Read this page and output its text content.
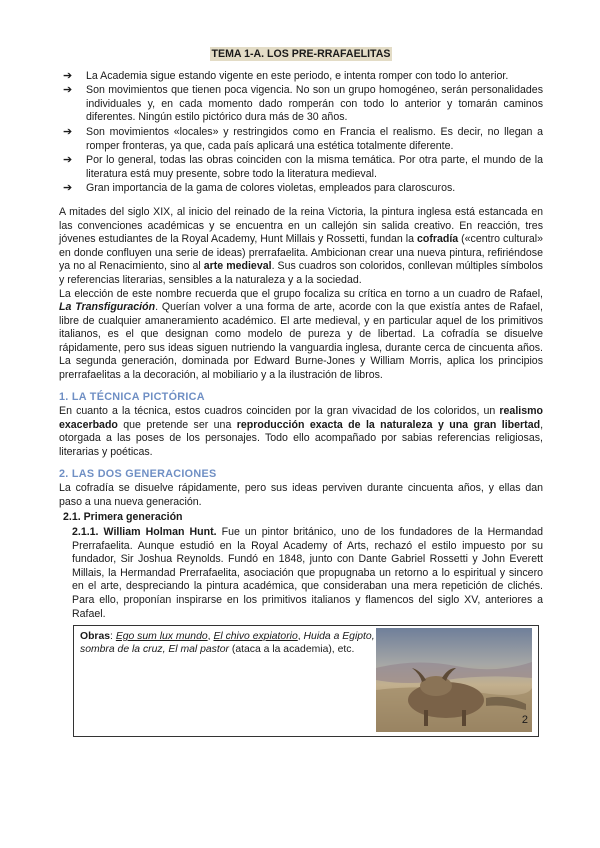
TEMA 1-A. LOS PRE-RRAFAELITAS
➔ La Academia sigue estando vigente en este periodo, e intenta romper con todo lo anterior.
➔ Son movimientos que tienen poca vigencia. No son un grupo homogéneo, serán personalidades individuales y, en cada momento dado romperán con todo lo anterior y tomarán caminos diferentes. Ningún estilo pictórico dura más de 30 años.
➔ Son movimientos «locales» y restringidos como en Francia el realismo. Es decir, no llegan a romper fronteras, ya que, cada país aplicará una estética totalmente diferente.
➔ Por lo general, todas las obras coinciden con la misma temática. Por otra parte, el mundo de la literatura está muy presente, sobre todo la literatura medieval.
➔ Gran importancia de la gama de colores violetas, empleados para claroscuros.

A mitades del siglo XIX, al inicio del reinado de la reina Victoria, la pintura inglesa está estancada en las convenciones académicas y se encuentra en un callejón sin salida creativo. En reacción, tres jóvenes estudiantes de la Royal Academy, Hunt Millais y Rossetti, fundan la cofradía («centro cultural» en donde confluyen una serie de ideas) prerrafaelita. Ambicionan crear una nueva pintura, refiriéndose ya no al Renacimiento, sino al arte medieval. Sus cuadros son coloridos, conllevan múltiples símbolos y referencias literarias, sensibles a la naturaleza y a la sociedad.

La elección de este nombre recuerda que el grupo focaliza su crítica en torno a un cuadro de Rafael, La Transfiguración. Querían volver a una forma de arte, acorde con la que existía antes de Rafael, libre de cualquier amaneramiento académico. El arte medieval, y en particular aquel de los primitivos italianos, es el que designan como modelo de pureza y de libertad. La cofradía se disuelve rápidamente, pero sus ideas siguen nutriendo la vanguardia inglesa, durante cerca de cincuenta años. La segunda generación, dominada por Edward Burne-Jones y William Morris, aplica los principios prerrafaelitas a la decoración, al mobiliario y a la ilustración de libros.

1. LA TÉCNICA PICTÓRICA

En cuanto a la técnica, estos cuadros coinciden por la gran vivacidad de los coloridos, un realismo exacerbado que pretende ser una reproducción exacta de la naturaleza y una gran libertad, otorgada a las poses de los personajes. Todo ello acompañado por sabias referencias religiosas, literarias y poéticas.

2. LAS DOS GENERACIONES

La cofradía se disuelve rápidamente, pero sus ideas perviven durante cincuenta años, y ellas dan paso a una nueva generación.

2.1. Primera generación

2.1.1. William Holman Hunt. Fue un pintor británico, uno de los fundadores de la Hermandad Prerrafaelita. Aunque estudió en la Royal Academy of Arts, rechazó el estilo impuesto por su fundador, Sir Joshua Reynolds. Fundó en 1848, junto con Dante Gabriel Rossetti y John Everett Millais, la Hermandad Prerrafaelita, asociación que propugnaba un retorno a lo espiritual y sincero en el arte, despreciando la pintura académica, que consideraban una mera repetición de clichés. Para ello, proponían inspirarse en los primitivos italianos y flamencos del siglo XV, anteriores a Rafael.

Obras: Ego sum lux mundo, El chivo expiatorio, Huida a Egipto, sombra de la cruz, El mal pastor (ataca a la academia), etc.
2
